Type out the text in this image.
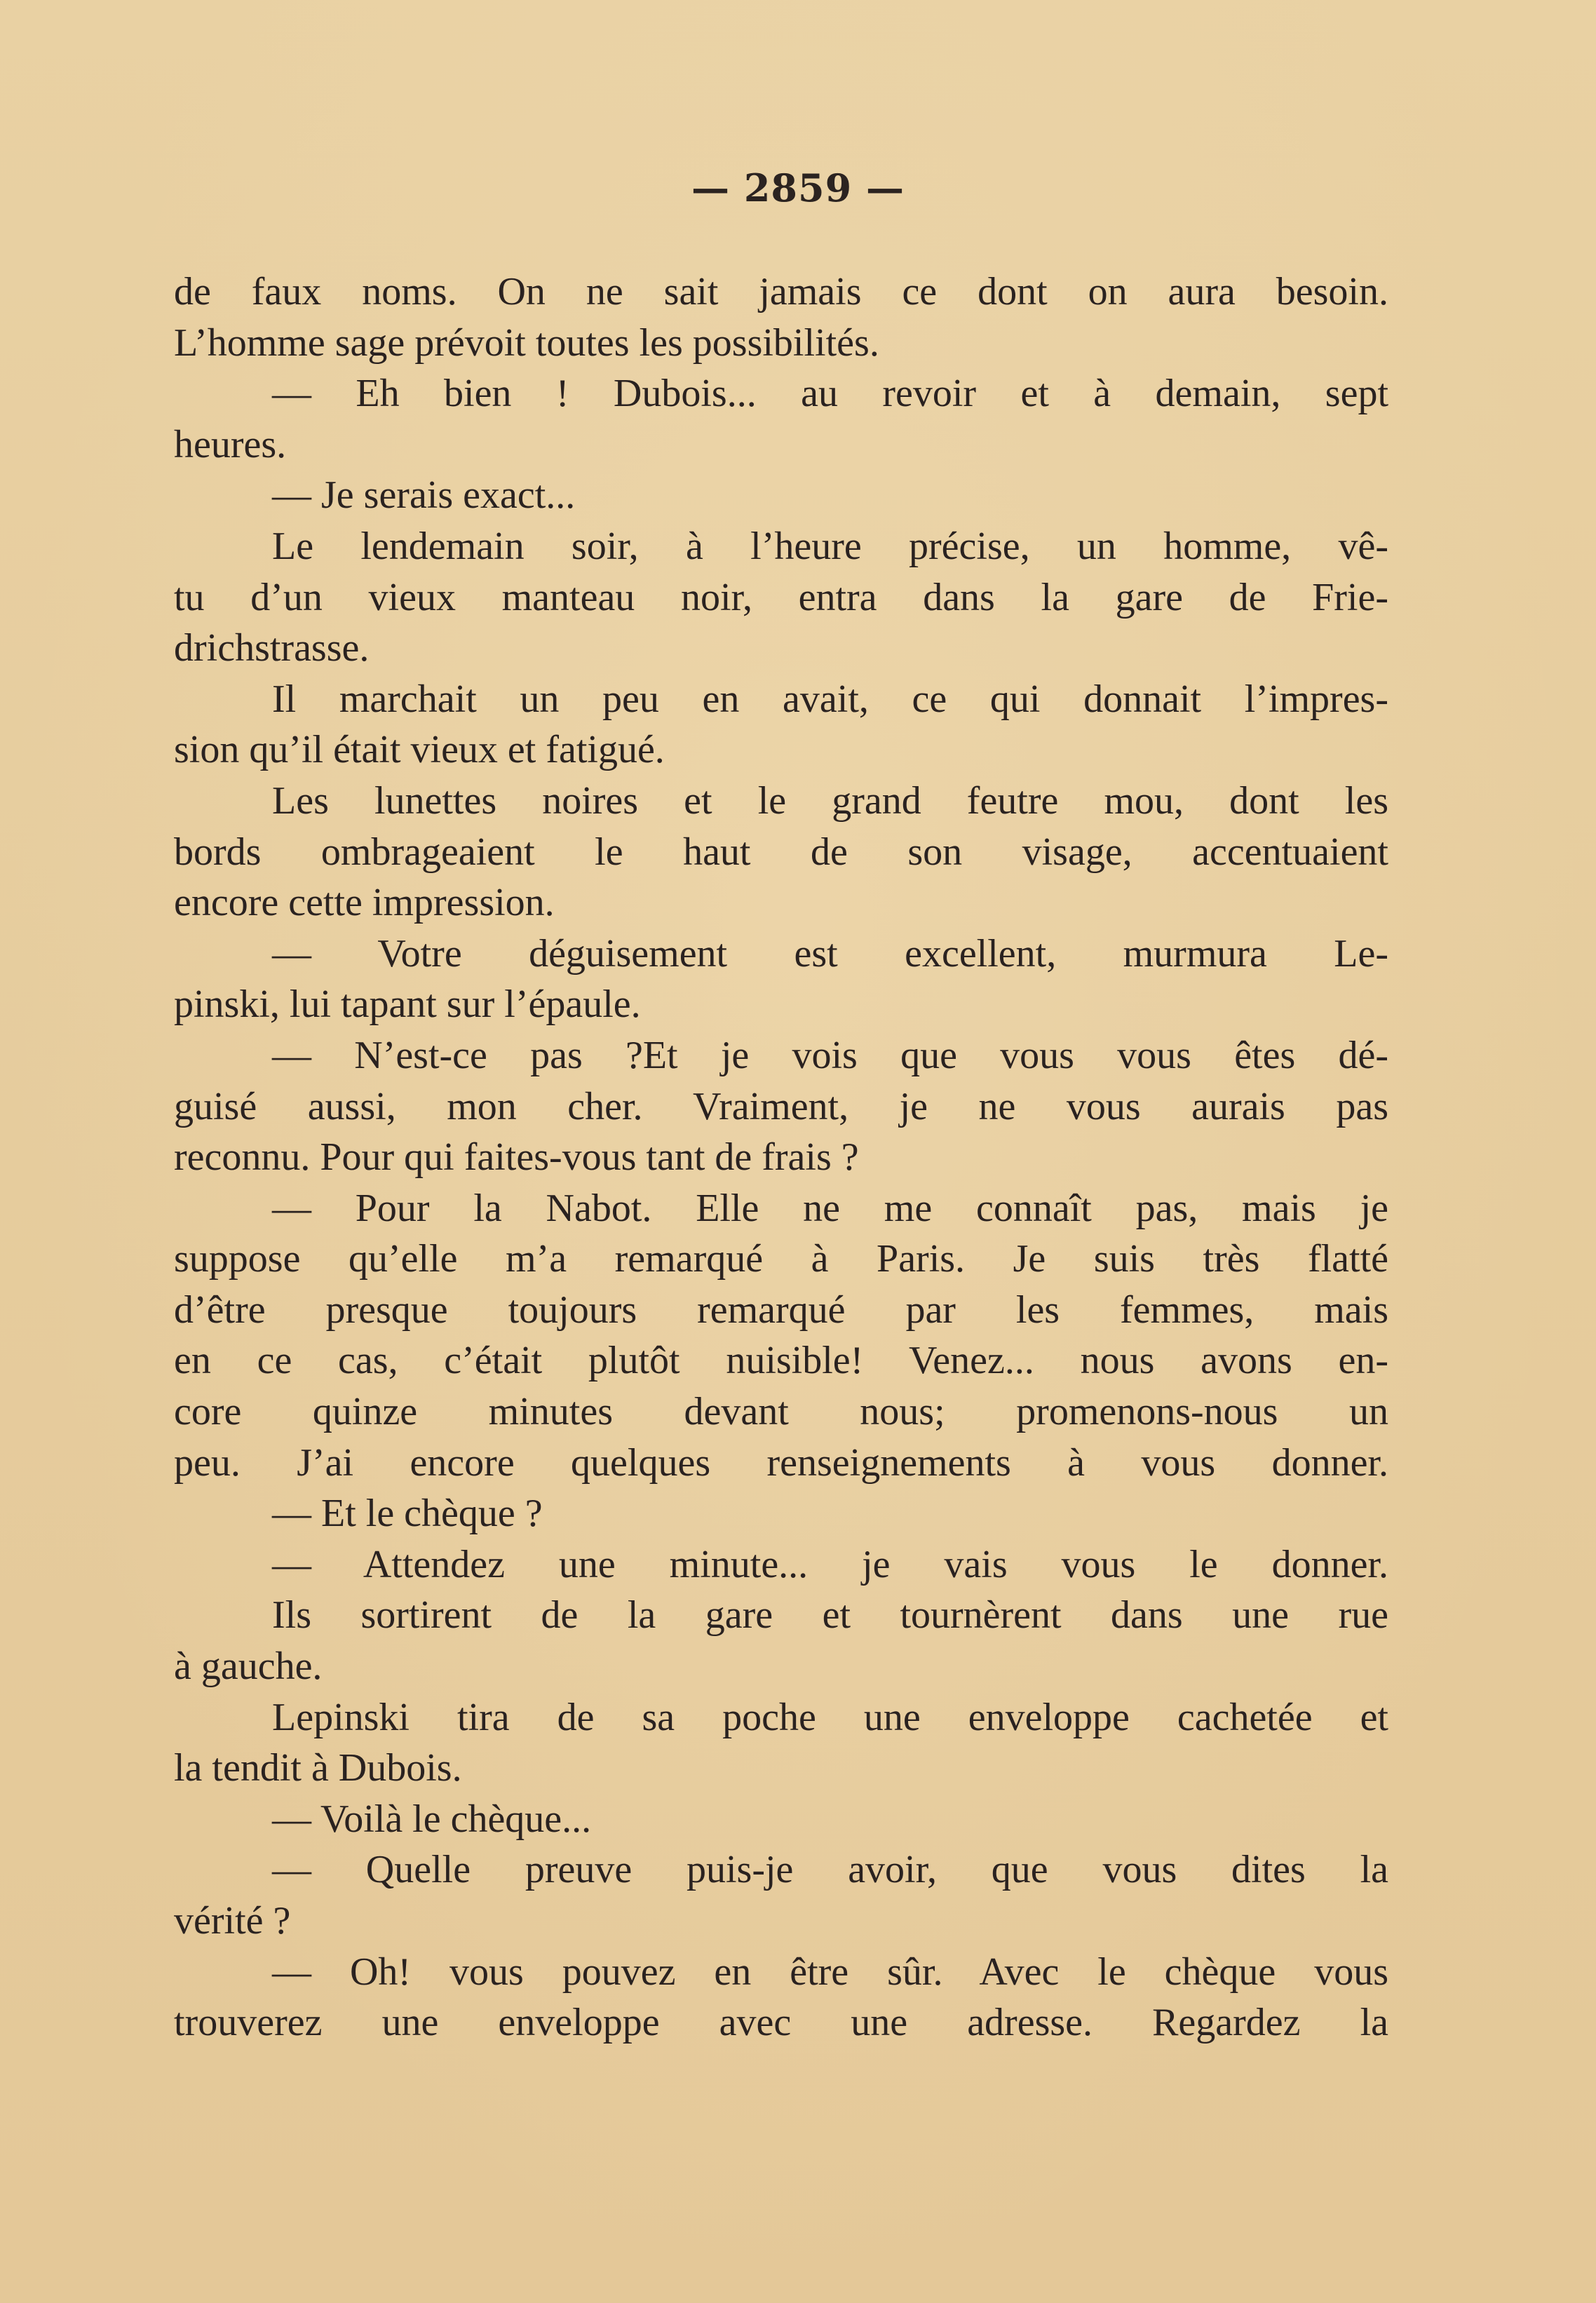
— 2859 —
de faux noms. On ne sait jamais ce dont on aura besoin.
L’homme sage prévoit toutes les possibilités.
— Eh bien ! Dubois... au revoir et à demain, sept
heures.
— Je serais exact...
Le lendemain soir, à l’heure précise, un homme, vê-
tu d’un vieux manteau noir, entra dans la gare de Frie-
drichstrasse.
Il marchait un peu en avait, ce qui donnait l’impres-
sion qu’il était vieux et fatigué.
Les lunettes noires et le grand feutre mou, dont les
bords ombrageaient le haut de son visage, accentuaient
encore cette impression.
— Votre déguisement est excellent, murmura Le-
pinski, lui tapant sur l’épaule.
— N’est-ce pas ?Et je vois que vous vous êtes dé-
guisé aussi, mon cher. Vraiment, je ne vous aurais pas
reconnu. Pour qui faites-vous tant de frais ?
— Pour la Nabot. Elle ne me connaît pas, mais je
suppose qu’elle m’a remarqué à Paris. Je suis très flatté
d’être presque toujours remarqué par les femmes, mais
en ce cas, c’était plutôt nuisible! Venez... nous avons en-
core quinze minutes devant nous; promenons-nous un
peu. J’ai encore quelques renseignements à vous donner.
— Et le chèque ?
— Attendez une minute... je vais vous le donner.
Ils sortirent de la gare et tournèrent dans une rue
à gauche.
Lepinski tira de sa poche une enveloppe cachetée et
la tendit à Dubois.
— Voilà le chèque...
— Quelle preuve puis-je avoir, que vous dites la
vérité ?
— Oh! vous pouvez en être sûr. Avec le chèque vous
trouverez une enveloppe avec une adresse. Regardez la
